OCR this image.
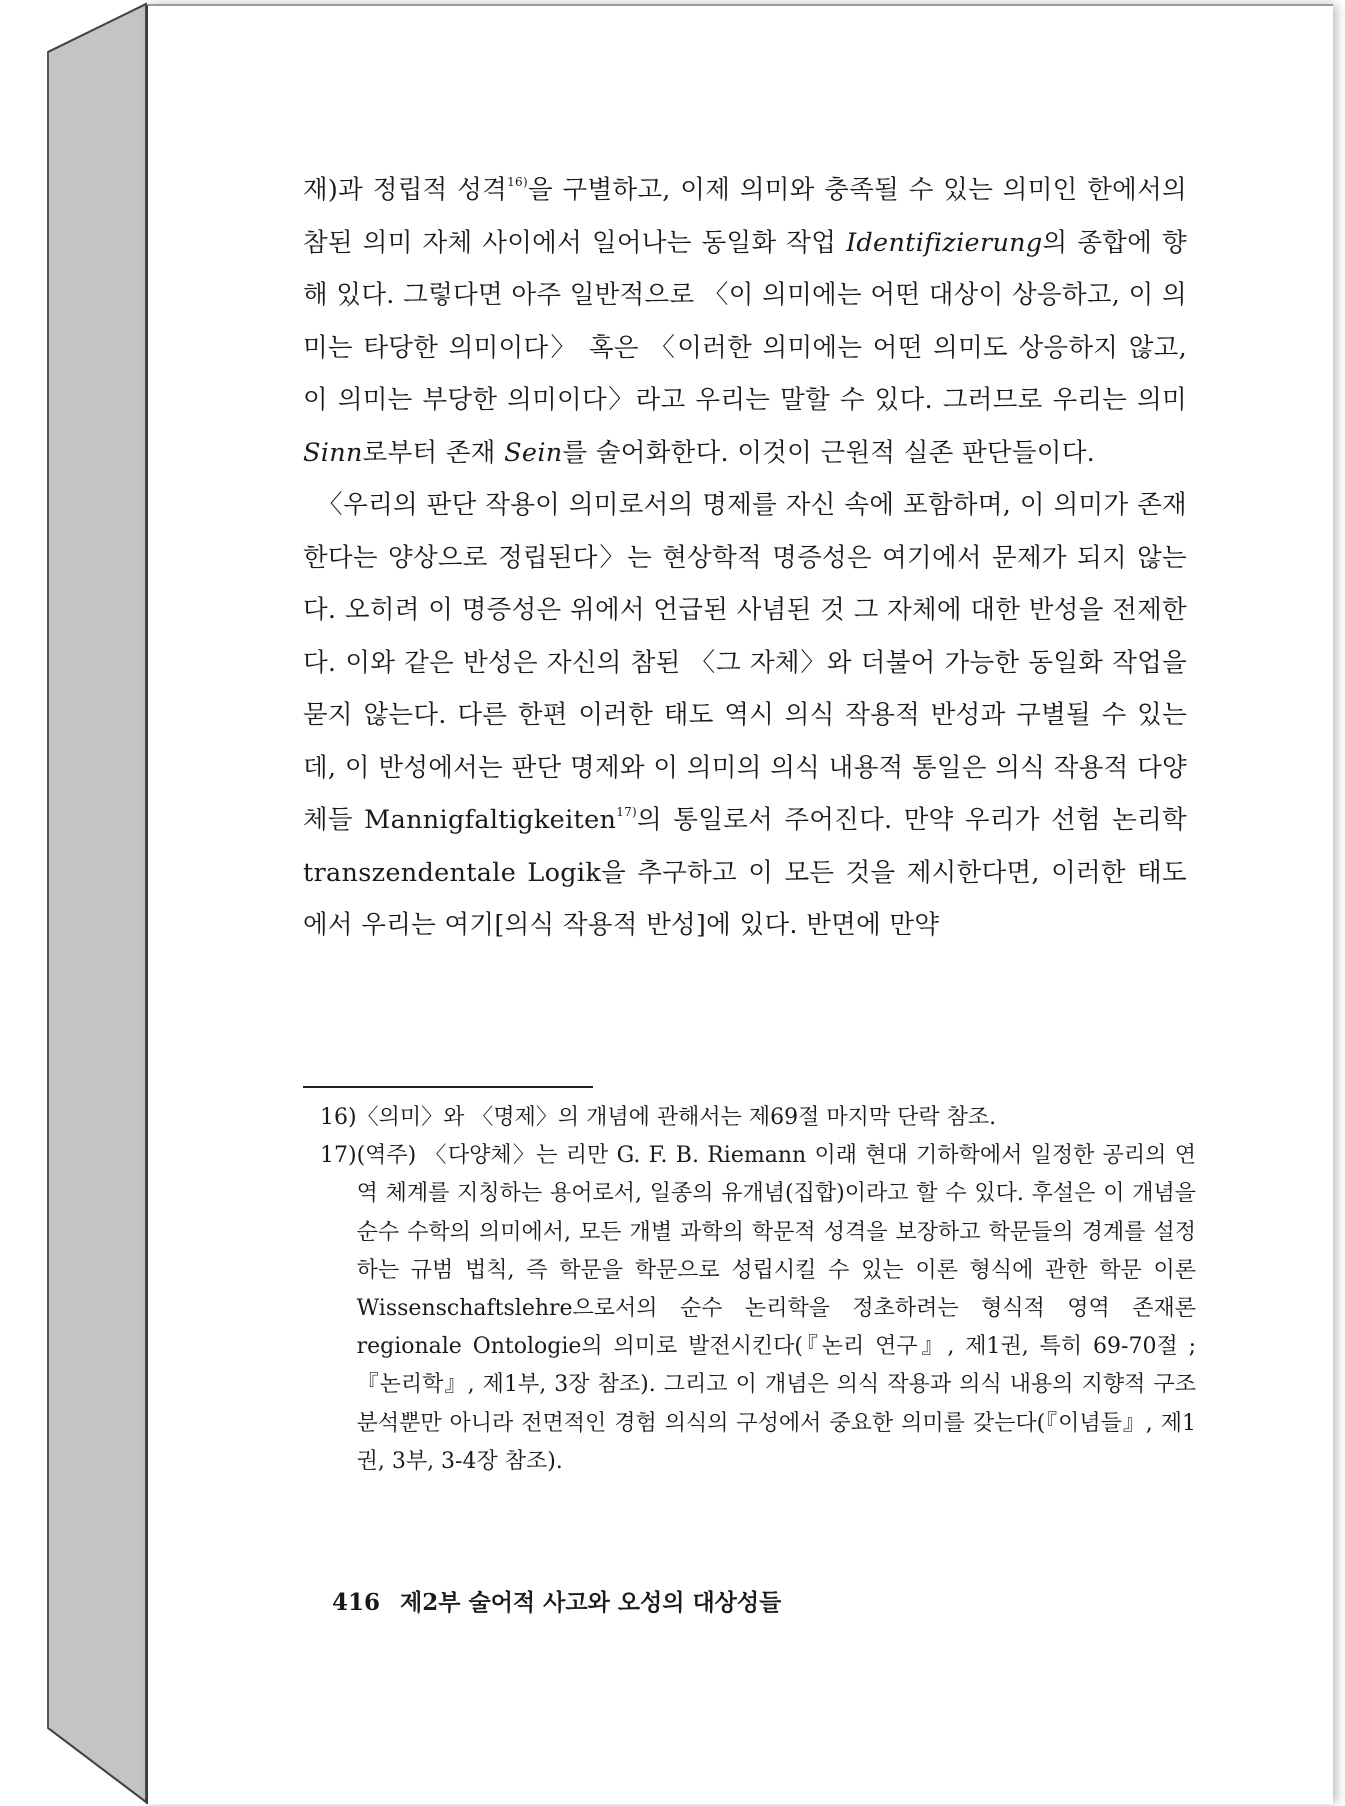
재)과 정립적 성격$^{16)}$을 구별하고, 이제 의미와 충족될 수 있는 의미인 한에서의 참된 의미 자체 사이에서 일어나는 동일화 작업 Identifizierung의 종합에 향해 있다. 그렇다면 아주 일반적으로 〈이 의미에는 어떤 대상이 상응하고, 이 의미는 타당한 의미이다〉 혹은 〈이러한 의미에는 어떤 의미도 상응하지 않고, 이 의미는 부당한 의미이다〉라고 우리는 말할 수 있다. 그러므로 우리는 의미 Sinn로부터 존재 Sein를 술어화한다. 이것이 근원적 실존 판단들이다.

〈우리의 판단 작용이 의미로서의 명제를 자신 속에 포함하며, 이 의미가 존재한다는 양상으로 정립된다〉는 현상학적 명증성은 여기에서 문제가 되지 않는다. 오히려 이 명증성은 위에서 언급된 사념된 것 그 자체에 대한 반성을 전제한다. 이와 같은 반성은 자신의 참된 〈그 자체〉와 더불어 가능한 동일화 작업을 묻지 않는다. 다른 한편 이러한 태도 역시 의식 작용적 반성과 구별될 수 있는데, 이 반성에서는 판단 명제와 이 의미의 의식 내용적 통일은 의식 작용적 다양체들 Mannigfaltigkeiten$^{17)}$의 통일로서 주어진다. 만약 우리가 선험 논리학 transzendentale Logik을 추구하고 이 모든 것을 제시한다면, 이러한 태도에서 우리는 여기[의식 작용적 반성]에 있다. 반면에 만약

16) 〈의미〉와 〈명제〉의 개념에 관해서는 제69절 마지막 단락 참조.
17) (역주) 〈다양체〉는 리만 G. F. B. Riemann 이래 현대 기하학에서 일정한 공리의 연역 체계를 지칭하는 용어로서, 일종의 유개념(집합)이라고 할 수 있다. 후설은 이 개념을 순수 수학의 의미에서, 모든 개별 과학의 학문적 성격을 보장하고 학문들의 경계를 설정하는 규범 법칙, 즉 학문을 학문으로 성립시킬 수 있는 이론 형식에 관한 학문 이론 Wissenschaftslehre으로서의 순수 논리학을 정초하려는 형식적 영역 존재론 regionale Ontologie의 의미로 발전시킨다(『논리 연구』, 제1권, 특히 69-70절 ; 『논리학』, 제1부, 3장 참조). 그리고 이 개념은 의식 작용과 의식 내용의 지향적 구조 분석뿐만 아니라 전면적인 경험 의식의 구성에서 중요한 의미를 갖는다(『이념들』, 제1권, 3부, 3-4장 참조).
416 제2부 술어적 사고와 오성의 대상성들
